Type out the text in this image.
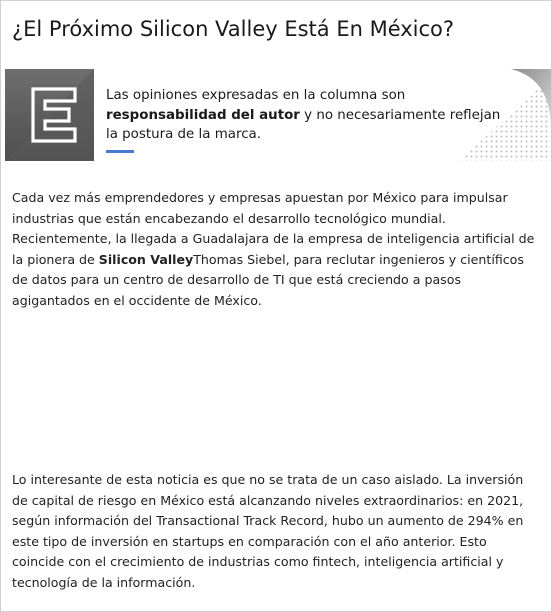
¿El Próximo Silicon Valley Está En México?

Las opiniones expresadas en la columna son responsabilidad del autor y no necesariamente reflejan la postura de la marca.

Cada vez más emprendedores y empresas apuestan por México para impulsar industrias que están encabezando el desarrollo tecnológico mundial. Recientemente, la llegada a Guadalajara de la empresa de inteligencia artificial de la pionera de Silicon ValleyThomas Siebel, para reclutar ingenieros y científicos de datos para un centro de desarrollo de TI que está creciendo a pasos agigantados en el occidente de México.

Lo interesante de esta noticia es que no se trata de un caso aislado. La inversión de capital de riesgo en México está alcanzando niveles extraordinarios: en 2021, según información del Transactional Track Record, hubo un aumento de 294% en este tipo de inversión en startups en comparación con el año anterior. Esto coincide con el crecimiento de industrias como fintech, inteligencia artificial y tecnología de la información.
